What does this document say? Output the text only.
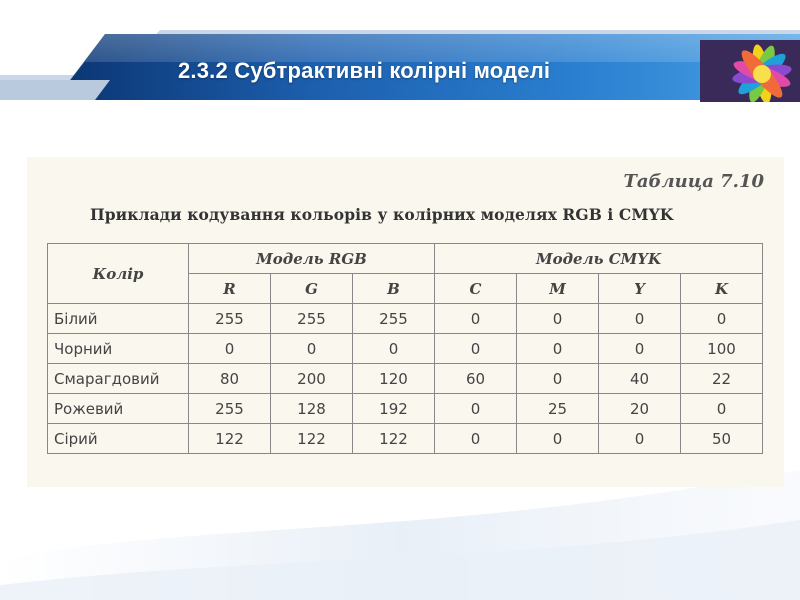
2.3.2 Субтрактивні колірні моделі
Таблица 7.10
Приклади кодування кольорів у колірних моделях RGB і CMYK
Колір	Модель RGB			Модель CMYK			
	R	G	B	C	M	Y	K
Білий	255	255	255	0	0	0	0
Чорний	0	0	0	0	0	0	100
Смарагдовий	80	200	120	60	0	40	22
Рожевий	255	128	192	0	25	20	0
Сірий	122	122	122	0	0	0	50
